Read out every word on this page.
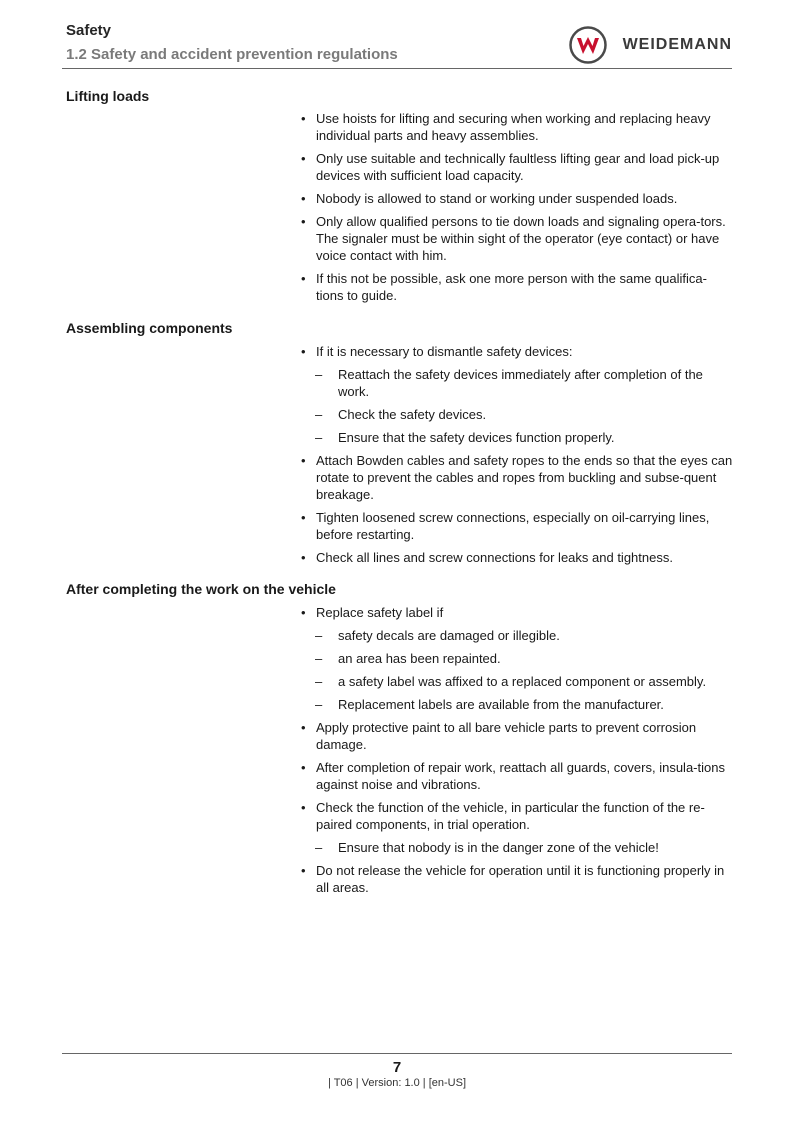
Safety
1.2 Safety and accident prevention regulations
WEIDEMANN
Lifting loads
• Use hoists for lifting and securing when working and replacing heavy individual parts and heavy assemblies.
• Only use suitable and technically faultless lifting gear and load pick-up devices with sufficient load capacity.
• Nobody is allowed to stand or working under suspended loads.
• Only allow qualified persons to tie down loads and signaling opera-tors. The signaler must be within sight of the operator (eye contact) or have voice contact with him.
• If this not be possible, ask one more person with the same qualifica-tions to guide.
Assembling components
• If it is necessary to dismantle safety devices:
–	Reattach the safety devices immediately after completion of the work.
–	Check the safety devices.
–	Ensure that the safety devices function properly.
• Attach Bowden cables and safety ropes to the ends so that the eyes can rotate to prevent the cables and ropes from buckling and subse-quent breakage.
• Tighten loosened screw connections, especially on oil-carrying lines, before restarting.
• Check all lines and screw connections for leaks and tightness.
After completing the work on the vehicle
• Replace safety label if
–	safety decals are damaged or illegible.
–	an area has been repainted.
–	a safety label was affixed to a replaced component or assembly.
–	Replacement labels are available from the manufacturer.
• Apply protective paint to all bare vehicle parts to prevent corrosion damage.
• After completion of repair work, reattach all guards, covers, insula-tions against noise and vibrations.
• Check the function of the vehicle, in particular the function of the re-paired components, in trial operation.
–	Ensure that nobody is in the danger zone of the vehicle!
• Do not release the vehicle for operation until it is functioning properly in all areas.
7
| T06 | Version: 1.0 | [en-US]
